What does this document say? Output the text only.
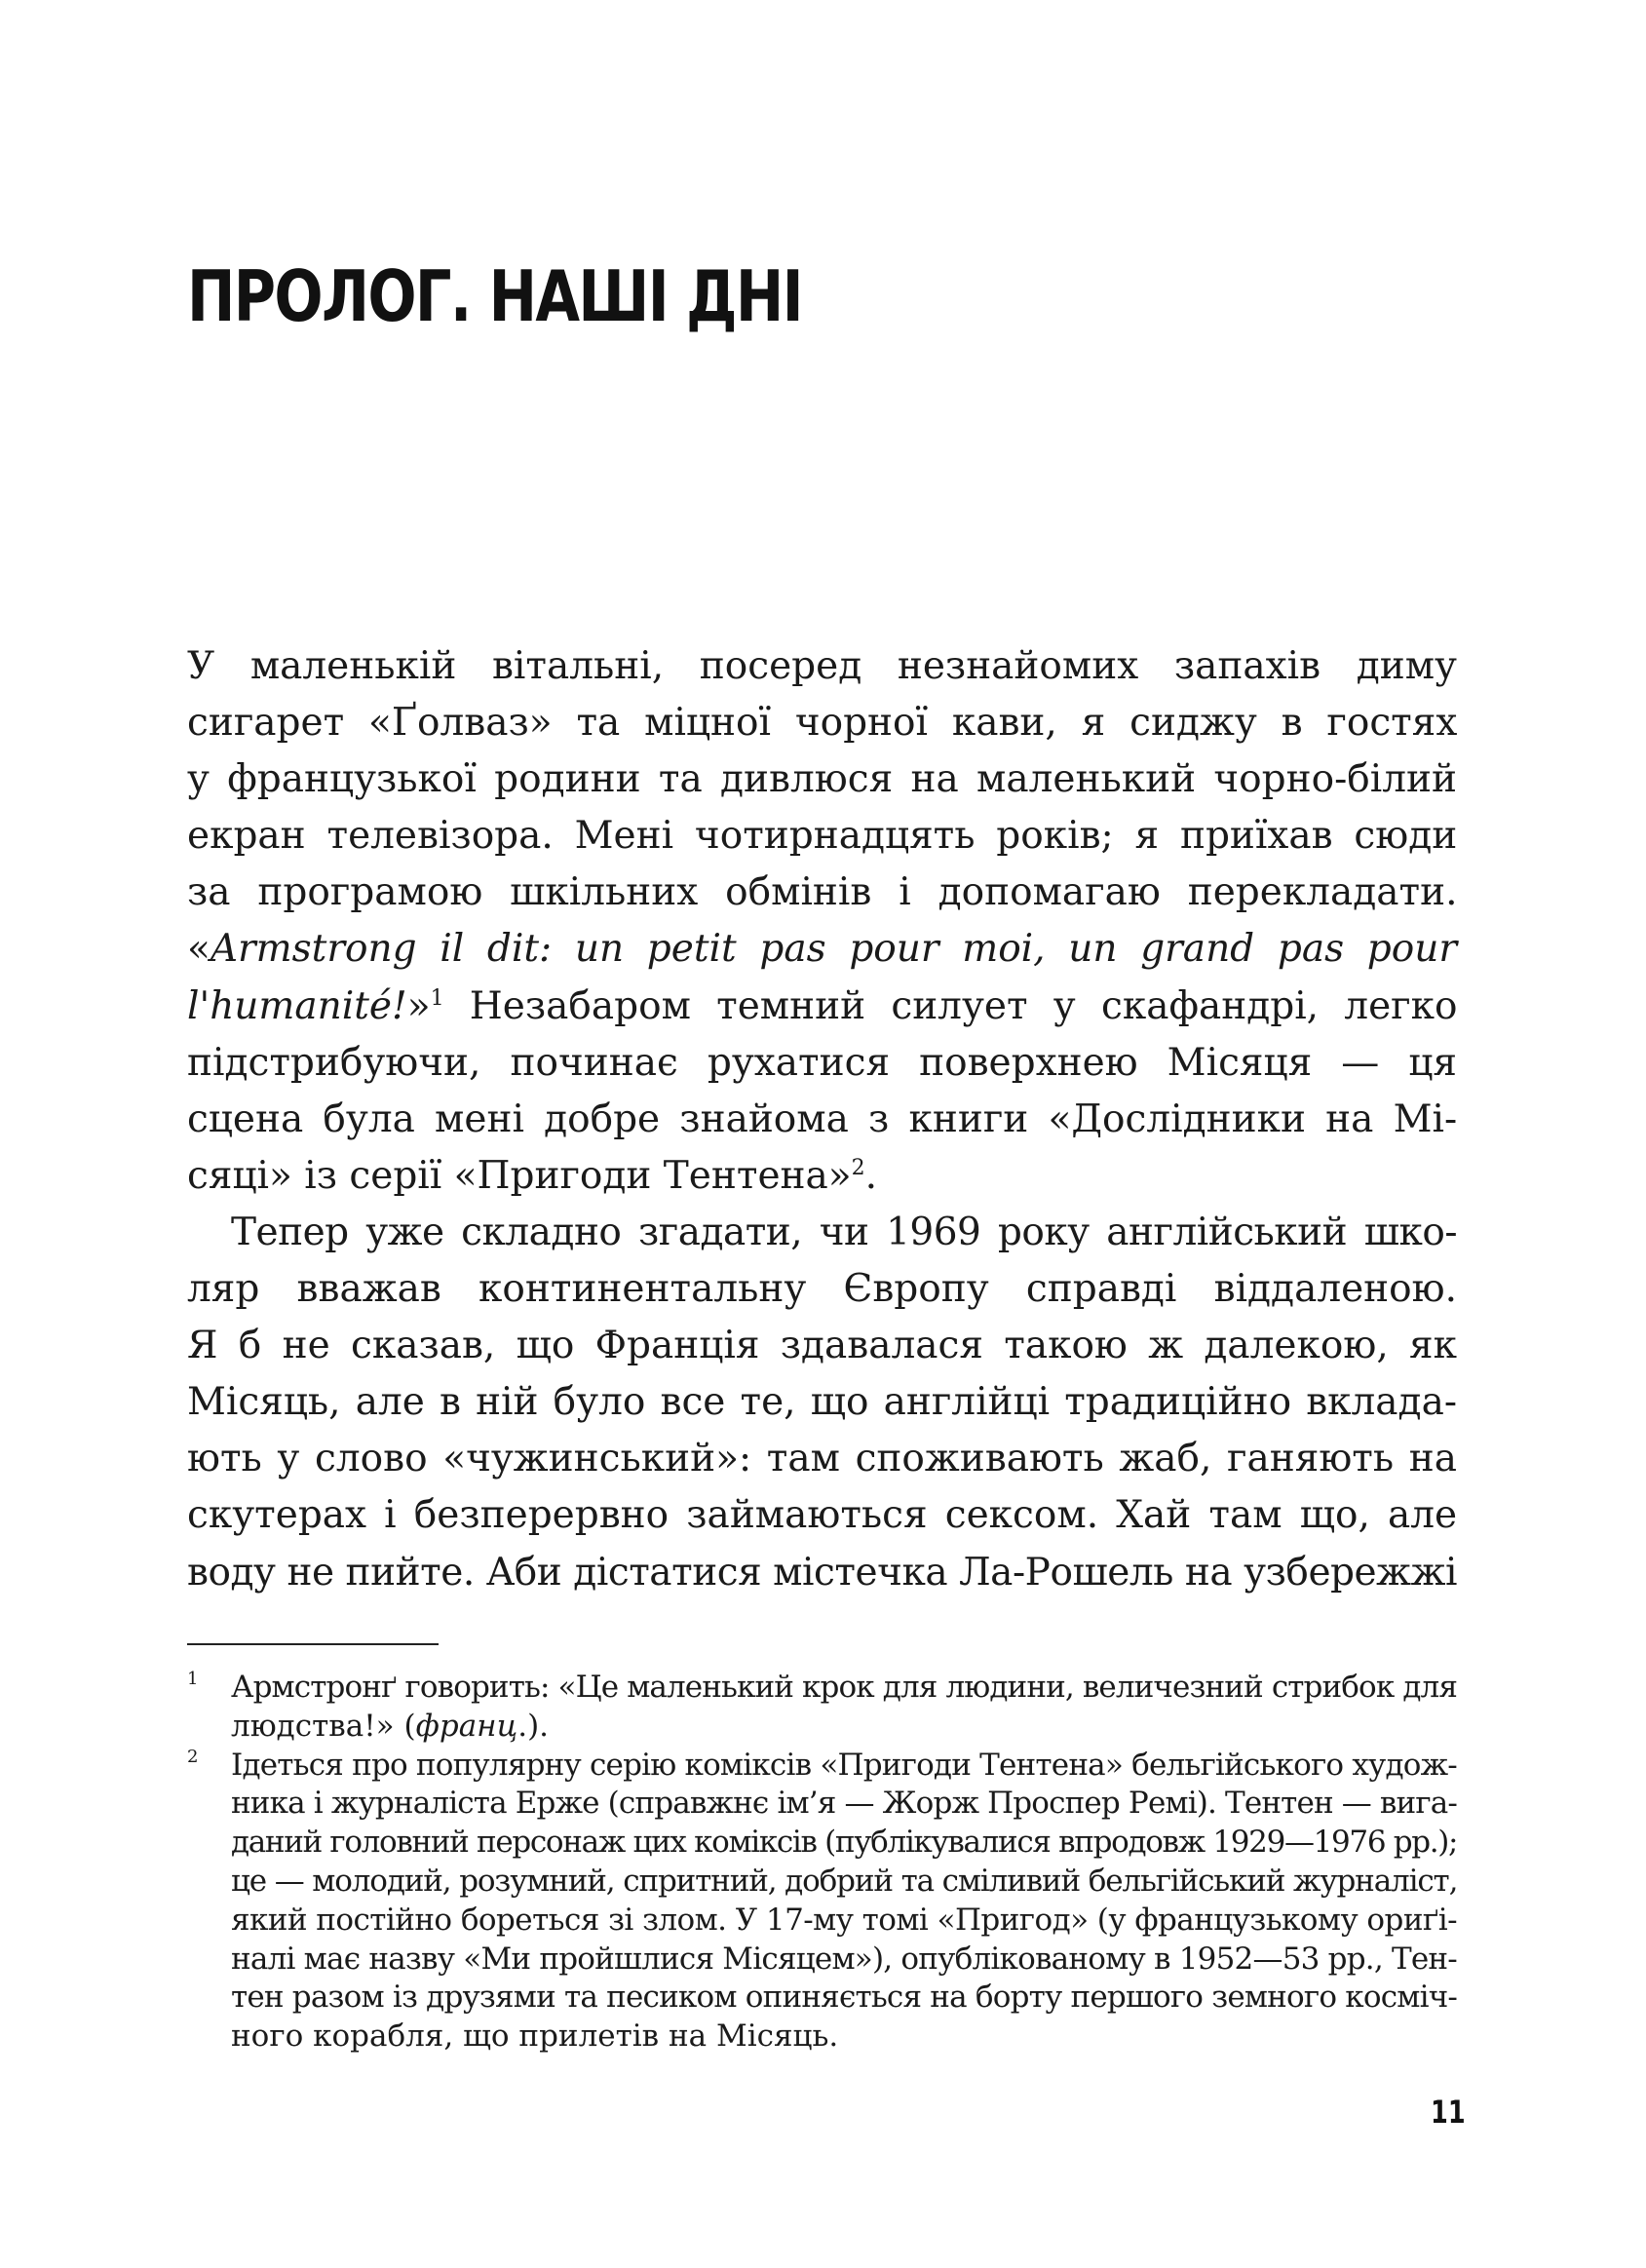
ПРОЛОГ. НАШІ ДНІ
У маленькій вітальні, посеред незнайомих запахів диму
сигарет «Ґолваз» та міцної чорної кави, я сиджу в гостях
у французької родини та дивлюся на маленький чорно-білий
екран телевізора. Мені чотирнадцять років; я приїхав сюди
за програмою шкільних обмінів і допомагаю перекладати.
«Armstrong il dit: un petit pas pour moi, un grand pas pour
l'humanité!»$^1$ Незабаром темний силует у скафандрі, легко
підстрибуючи, починає рухатися поверхнею Місяця — ця
сцена була мені добре знайома з книги «Дослідники на Мі-
сяці» із серії «Пригоди Тентена»$^2$.
Тепер уже складно згадати, чи 1969 року англійський шко-
ляр вважав континентальну Європу справді віддаленою.
Я б не сказав, що Франція здавалася такою ж далекою, як
Місяць, але в ній було все те, що англійці традиційно вклада-
ють у слово «чужинський»: там споживають жаб, ганяють на
скутерах і безперервно займаються сексом. Хай там що, але
воду не пийте. Аби дістатися містечка Ла-Рошель на узбережжі
1 Армстронґ говорить: «Це маленький крок для людини, величезний стрибок для
людства!» (франц.).
2 Ідеться про популярну серію коміксів «Пригоди Тентена» бельгійського худож-
ника і журналіста Ерже (справжнє ім’я — Жорж Проспер Ремі). Тентен — вига-
даний головний персонаж цих коміксів (публікувалися впродовж 1929—1976 рр.);
це — молодий, розумний, спритний, добрий та сміливий бельгійський журналіст,
який постійно бореться зі злом. У 17-му томі «Пригод» (у французькому ориґі-
налі має назву «Ми пройшлися Місяцем»), опублікованому в 1952—53 рр., Тен-
тен разом із друзями та песиком опиняється на борту першого земного косміч-
ного корабля, що прилетів на Місяць.
11
